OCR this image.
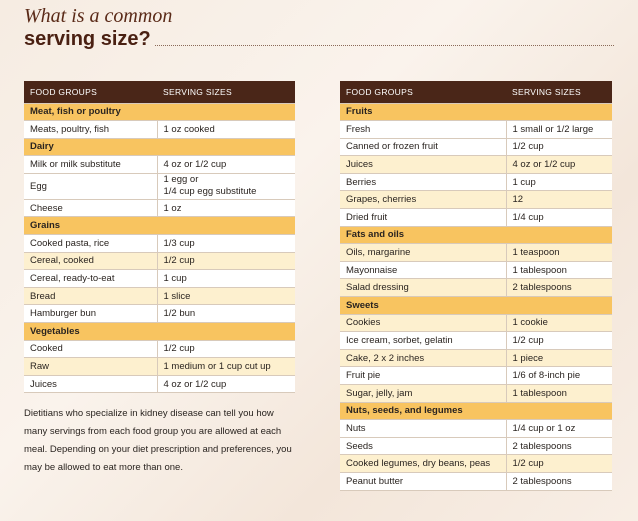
What is a common
serving size?
FOOD GROUPS	SERVING SIZES
Meat, fish or poultry	
Meats, poultry, fish	1 oz cooked
Dairy	
Milk or milk substitute	4 oz or 1/2 cup
Egg	1 egg or
1/4 cup egg substitute

Cheese	1 oz
Grains	
Cooked pasta, rice	1/3 cup
Cereal, cooked	1/2 cup
Cereal, ready-to-eat	1 cup
Bread	1 slice
Hamburger bun	1/2 bun
Vegetables	
Cooked	1/2 cup
Raw	1 medium or 1 cup cut up
Juices	4 oz or 1/2 cup
FOOD GROUPS	SERVING SIZES
Fruits	
Fresh	1 small or 1/2 large
Canned or frozen fruit	1/2 cup
Juices	4 oz or 1/2 cup
Berries	1 cup
Grapes, cherries	12
Dried fruit	1/4 cup
Fats and oils	
Oils, margarine	1 teaspoon
Mayonnaise	1 tablespoon
Salad dressing	2 tablespoons
Sweets	
Cookies	1 cookie
Ice cream, sorbet, gelatin	1/2 cup
Cake, 2 x 2 inches	1 piece
Fruit pie	1/6 of 8-inch pie
Sugar, jelly, jam	1 tablespoon
Nuts, seeds, and legumes	
Nuts	1/4 cup or 1 oz
Seeds	2 tablespoons
Cooked legumes, dry beans, peas	1/2 cup
Peanut butter	2 tablespoons

Dietitians who specialize in kidney disease can tell you how many servings from each food group you are allowed at each meal. Depending on your diet prescription and preferences, you may be allowed to eat more than one.
